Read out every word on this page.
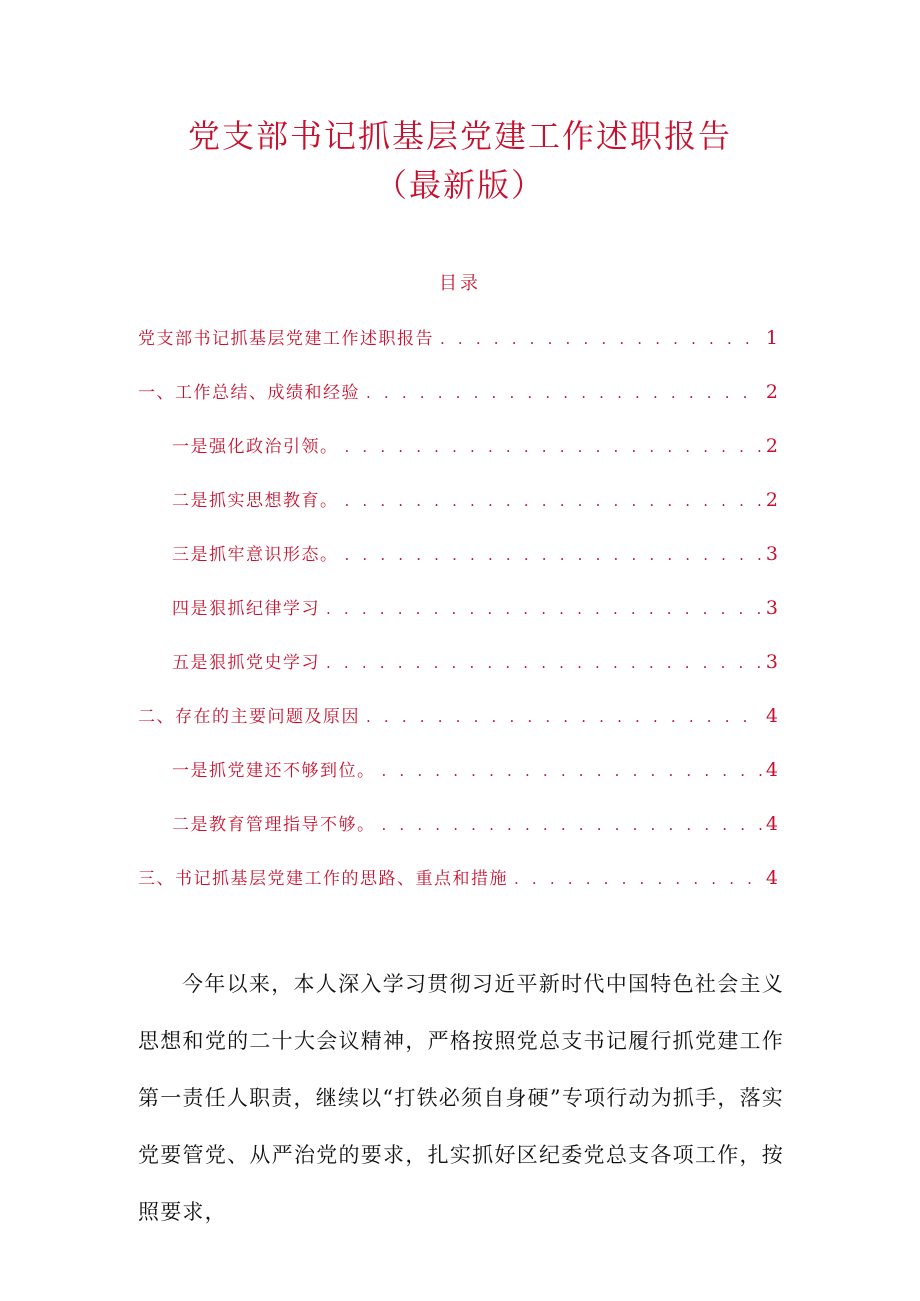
党支部书记抓基层党建工作述职报告
（最新版）
目录
党支部书记抓基层党建工作述职报告 . . .	1
一、工作总结、成绩和经验 . . .	2
一是强化政治引领。 . . .	2
二是抓实思想教育。 . . .	2
三是抓牢意识形态。 . . .	3
四是狠抓纪律学习 . . .	3
五是狠抓党史学习 . . .	3
二、存在的主要问题及原因 . . .	4
一是抓党建还不够到位。 . . .	4
二是教育管理指导不够。 . . .	4
三、书记抓基层党建工作的思路、重点和措施 . . .	4

今年以来，本人深入学习贯彻习近平新时代中国特色社会主义思想和党的二十大会议精神，严格按照党总支书记履行抓党建工作第一责任人职责，继续以“打铁必须自身硬”专项行动为抓手，落实党要管党、从严治党的要求，扎实抓好区纪委党总支各项工作，按照要求，
